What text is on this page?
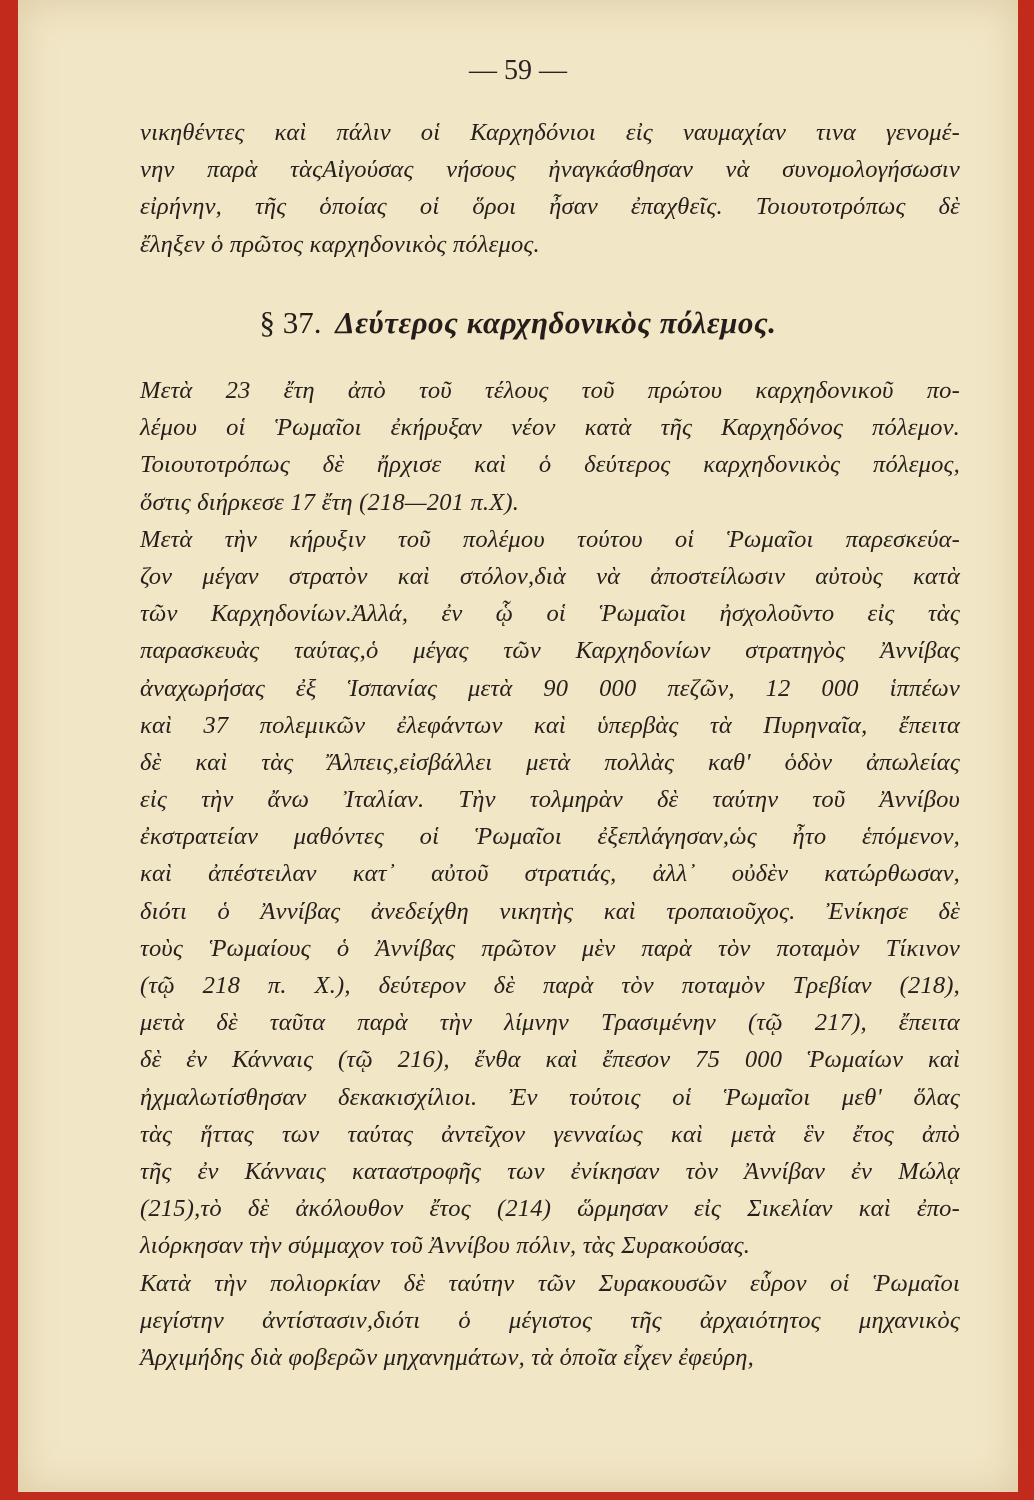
— 59 —
νικηθέντες καὶ πάλιν οἱ Καρχηδόνιοι εἰς ναυμαχίαν τινα γενομέ-
νην παρὰ τὰςΑἰγούσας νήσους ἠναγκάσθησαν νὰ συνομολογήσωσιν
εἰρήνην, τῆς ὁποίας οἱ ὅροι ἦσαν ἐπαχθεῖς. Τοιουτοτρόπως δὲ
ἔληξεν ὁ πρῶτος καρχηδονικὸς πόλεμος.
§ 37. Δεύτερος καρχηδονικὸς πόλεμος.
Μετὰ 23 ἔτη ἀπὸ τοῦ τέλους τοῦ πρώτου καρχηδονικοῦ πο-
λέμου οἱ Ῥωμαῖοι ἐκήρυξαν νέον κατὰ τῆς Καρχηδόνος πόλεμον.
Τοιουτοτρόπως δὲ ἤρχισε καὶ ὁ δεύτερος καρχηδονικὸς πόλεμος,
ὅστις διήρκεσε 17 ἔτη (218—201 π.Χ).
Μετὰ τὴν κήρυξιν τοῦ πολέμου τούτου οἱ Ῥωμαῖοι παρεσκεύα-
ζον μέγαν στρατὸν καὶ στόλον,διὰ νὰ ἀποστείλωσιν αὐτοὺς κατὰ
τῶν Καρχηδονίων.Ἀλλά, ἐν ᾧ οἱ Ῥωμαῖοι ἠσχολοῦντο εἰς τὰς
παρασκευὰς ταύτας,ὁ μέγας τῶν Καρχηδονίων στρατηγὸς Ἀννίβας
ἀναχωρήσας ἐξ Ἱσπανίας μετὰ 90 000 πεζῶν, 12 000 ἱππέων
καὶ 37 πολεμικῶν ἐλεφάντων καὶ ὑπερβὰς τὰ Πυρηναῖα, ἔπειτα
δὲ καὶ τὰς Ἄλπεις,εἰσβάλλει μετὰ πολλὰς καθ' ὁδὸν ἀπωλείας
εἰς τὴν ἄνω Ἰταλίαν. Τὴν τολμηρὰν δὲ ταύτην τοῦ Ἀννίβου
ἐκστρατείαν μαθόντες οἱ Ῥωμαῖοι ἐξεπλάγησαν,ὡς ἦτο ἑπόμενον,
καὶ ἀπέστειλαν κατ᾽ αὐτοῦ στρατιάς, ἀλλ᾽ οὐδὲν κατώρθωσαν,
διότι ὁ Ἀννίβας ἀνεδείχθη νικητὴς καὶ τροπαιοῦχος. Ἐνίκησε δὲ
τοὺς Ῥωμαίους ὁ Ἀννίβας πρῶτον μὲν παρὰ τὸν ποταμὸν Τίκινον
(τῷ 218 π. Χ.), δεύτερον δὲ παρὰ τὸν ποταμὸν Τρεβίαν (218),
μετὰ δὲ ταῦτα παρὰ τὴν λίμνην Τρασιμένην (τῷ 217), ἔπειτα
δὲ ἐν Κάνναις (τῷ 216), ἔνθα καὶ ἔπεσον 75 000 Ῥωμαίων καὶ
ἠχμαλωτίσθησαν δεκακισχίλιοι. Ἐν τούτοις οἱ Ῥωμαῖοι μεθ' ὅλας
τὰς ἥττας των ταύτας ἀντεῖχον γενναίως καὶ μετὰ ἓν ἔτος ἀπὸ
τῆς ἐν Κάνναις καταστροφῆς των ἐνίκησαν τὸν Ἀννίβαν ἐν Μώλᾳ
(215),τὸ δὲ ἀκόλουθον ἔτος (214) ὥρμησαν εἰς Σικελίαν καὶ ἐπο-
λιόρκησαν τὴν σύμμαχον τοῦ Ἀννίβου πόλιν, τὰς Συρακούσας.
Κατὰ τὴν πολιορκίαν δὲ ταύτην τῶν Συρακουσῶν εὗρον οἱ Ῥωμαῖοι
μεγίστην ἀντίστασιν,διότι ὁ μέγιστος τῆς ἀρχαιότητος μηχανικὸς
Ἀρχιμήδης διὰ φοβερῶν μηχανημάτων, τὰ ὁποῖα εἶχεν ἐφεύρη,
